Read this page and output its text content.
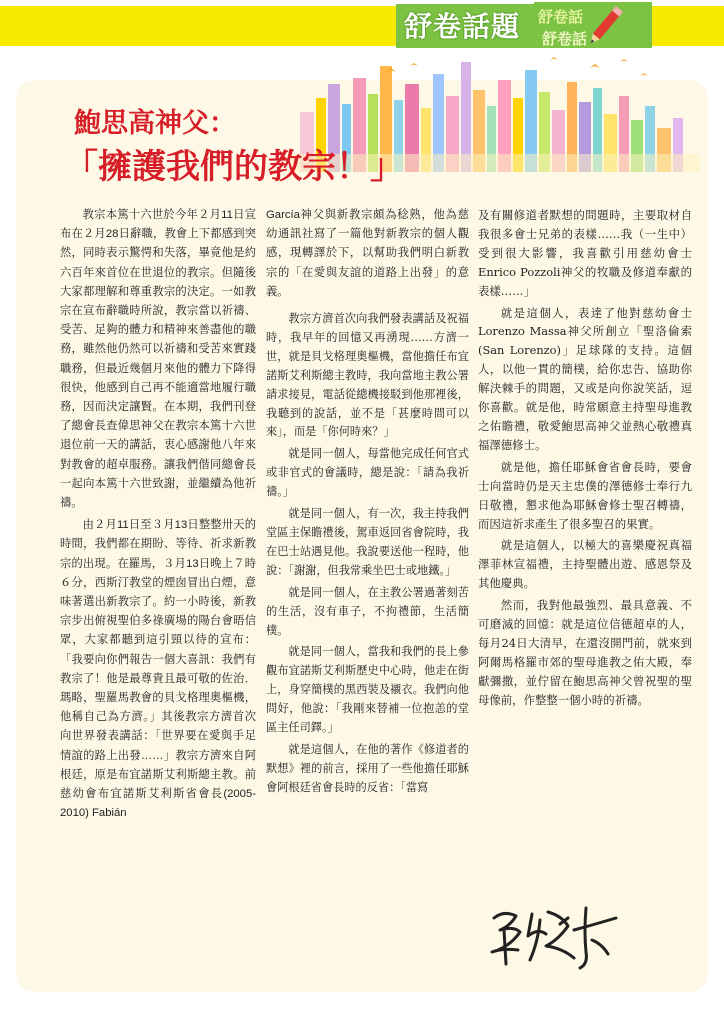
舒卷話題	舒卷話
舒卷話
鮑思高神父：
「擁護我們的教宗！」

教宗本篤十六世於今年２月11日宣布在２月28日辭職，教會上下都感到突然，同時表示驚愕和失落，畢竟他是約六百年來首位在世退位的教宗。但隨後大家都理解和尊重教宗的決定。一如教宗在宣布辭職時所說，教宗當以祈禱、受苦、足夠的體力和精神來善盡他的職務，雖然他仍然可以祈禱和受苦來實踐職務，但最近幾個月來他的體力下降得很快，他感到自己再不能適當地履行職務，因而決定讓賢。在本期，我們刊登了總會長查偉思神父在教宗本篤十六世退位前一天的講話，衷心感謝他八年來對教會的超卓服務。讓我們偕同總會長一起向本篤十六世致謝，並繼續為他祈禱。

由２月11日至３月13日整整卅天的時間，我們都在期盼、等待、祈求新教宗的出現。在羅馬，３月13日晚上７時６分，西斯汀教堂的煙囱冒出白煙，意味著選出新教宗了。約一小時後，新教宗步出俯視聖伯多祿廣場的陽台會晤信眾，大家都聽到這引頸以待的宣布：「我要向你們報告一個大喜訊：我們有教宗了！他是最尊貴且最可敬的佐治．瑪略，聖羅馬教會的貝戈格理奧樞機，他稱自己為方濟。」其後教宗方濟首次向世界發表講話：「世界要在愛與手足情誼的路上出發……」教宗方濟來自阿根廷，原是布宜諾斯艾利斯總主教。前慈幼會布宜諾斯艾利斯省會長(2005-2010) Fabián

García神父與新教宗頗為稔熟，他為慈幼通訊社寫了一篇他對新教宗的個人觀感，現轉譯於下，以幫助我們明白新教宗的「在愛與友誼的道路上出發」的意義。

教宗方濟首次向我們發表講話及祝福時，我早年的回憶又再湧現……方濟一世，就是貝戈格理奧樞機，當他擔任布宜諾斯艾利斯總主教時，我向當地主教公署請求接見，電話從總機接駁到他那裡後，我聽到的說話，並不是「甚麼時間可以來」，而是「你何時來？」

就是同一個人，每當他完成任何官式或非官式的會議時，總是說：「請為我祈禱。」

就是同一個人，有一次，我主持我們堂區主保瞻禮後，駕車返回省會院時，我在巴士站遇見他。我說要送他一程時，他說：「謝謝，但我常乘坐巴士或地鐵。」

就是同一個人，在主教公署過著刻苦的生活，沒有車子，不拘禮節，生活簡樸。

就是同一個人，當我和我們的長上參觀布宜諾斯艾利斯歷史中心時，他走在街上，身穿簡樸的黑西裝及襯衣。我們向他問好，他說：「我剛來替補一位抱恙的堂區主任司鐸。」

就是這個人，在他的著作《修道者的默想》裡的前言，採用了一些他擔任耶穌會阿根廷省會長時的反省：「當寫

及有關修道者默想的問題時，主要取材自我很多會士兄弟的表樣……我（一生中）受到很大影響，我喜歡引用慈幼會士Enrico Pozzoli神父的牧職及修道奉獻的表樣……」

就是這個人，表達了他對慈幼會士Lorenzo Massa神父所創立「聖洛倫索(San Lorenzo)」足球隊的支持。這個人，以他一貫的簡樸，給你忠告、協助你解決棘手的問題，又或是向你說笑話，逗你喜歡。就是他，時常願意主持聖母進教之佑瞻禮，敬愛鮑思高神父並熱心敬禮真福澤德修士。

就是他，擔任耶穌會省會長時，要會士向當時仍是天主忠僕的澤德修士奉行九日敬禮，懇求他為耶穌會修士聖召轉禱，而因這祈求產生了很多聖召的果實。

就是這個人，以極大的喜樂慶祝真福澤菲林宣福禮，主持聖體出遊、感恩祭及其他慶典。

然而，我對他最強烈、最具意義、不可磨滅的回憶：就是這位信德超卓的人，每月24日大清早，在還沒開門前，就來到阿爾馬格羅市郊的聖母進教之佑大殿，奉獻彌撒，並佇留在鮑思高神父曾祝聖的聖母像前，作整整一個小時的祈禱。
